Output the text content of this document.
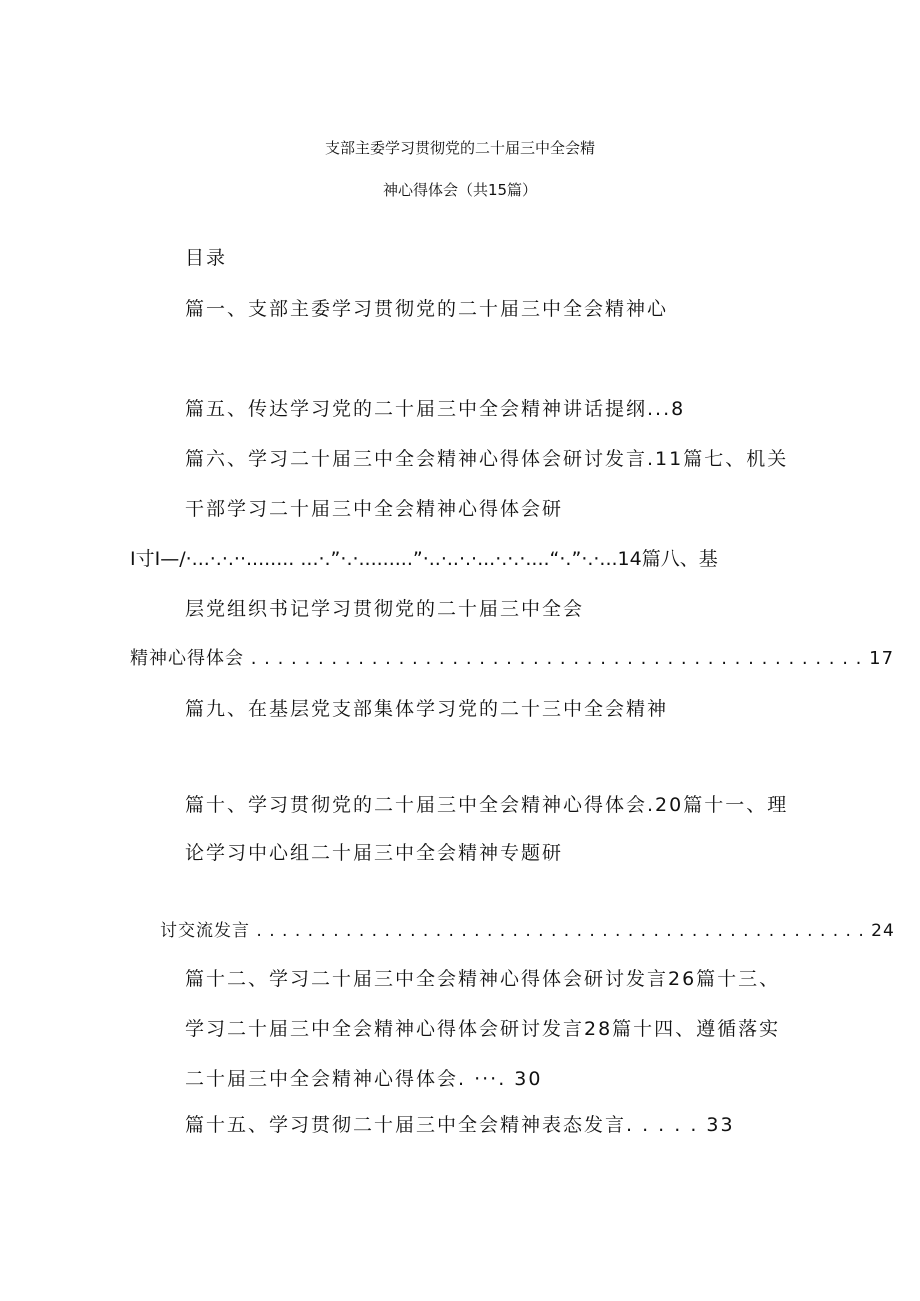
支部主委学习贯彻党的二十届三中全会精
神心得体会（共15篇）
目录
篇一、支部主委学习贯彻党的二十届三中全会精神心
篇五、传达学习党的二十届三中全会精神讲话提纲...8
篇六、学习二十届三中全会精神心得体会研讨发言.11篇七、机关
干部学习二十届三中全会精神心得体会研
I寸I—/·...·.·.··........ ...·.”·.·.........”·..·..·.·...·.·.·....“·.”·.·...14篇八、基
层党组织书记学习贯彻党的二十届三中全会
精神心得体会 . . . . . . . . . . . . . . . . . . . . . . . . . . . . . . . . . . . . . . . . . . . . . . 17
篇九、在基层党支部集体学习党的二十三中全会精神
篇十、学习贯彻党的二十届三中全会精神心得体会.20篇十一、理
论学习中心组二十届三中全会精神专题研
讨交流发言 . . . . . . . . . . . . . . . . . . . . . . . . . . . . . . . . . . . . . . . . . . . . . . . . 24
篇十二、学习二十届三中全会精神心得体会研讨发言26篇十三、
学习二十届三中全会精神心得体会研讨发言28篇十四、遵循落实
二十届三中全会精神心得体会. ···. 30
篇十五、学习贯彻二十届三中全会精神表态发言. . . . . 33
